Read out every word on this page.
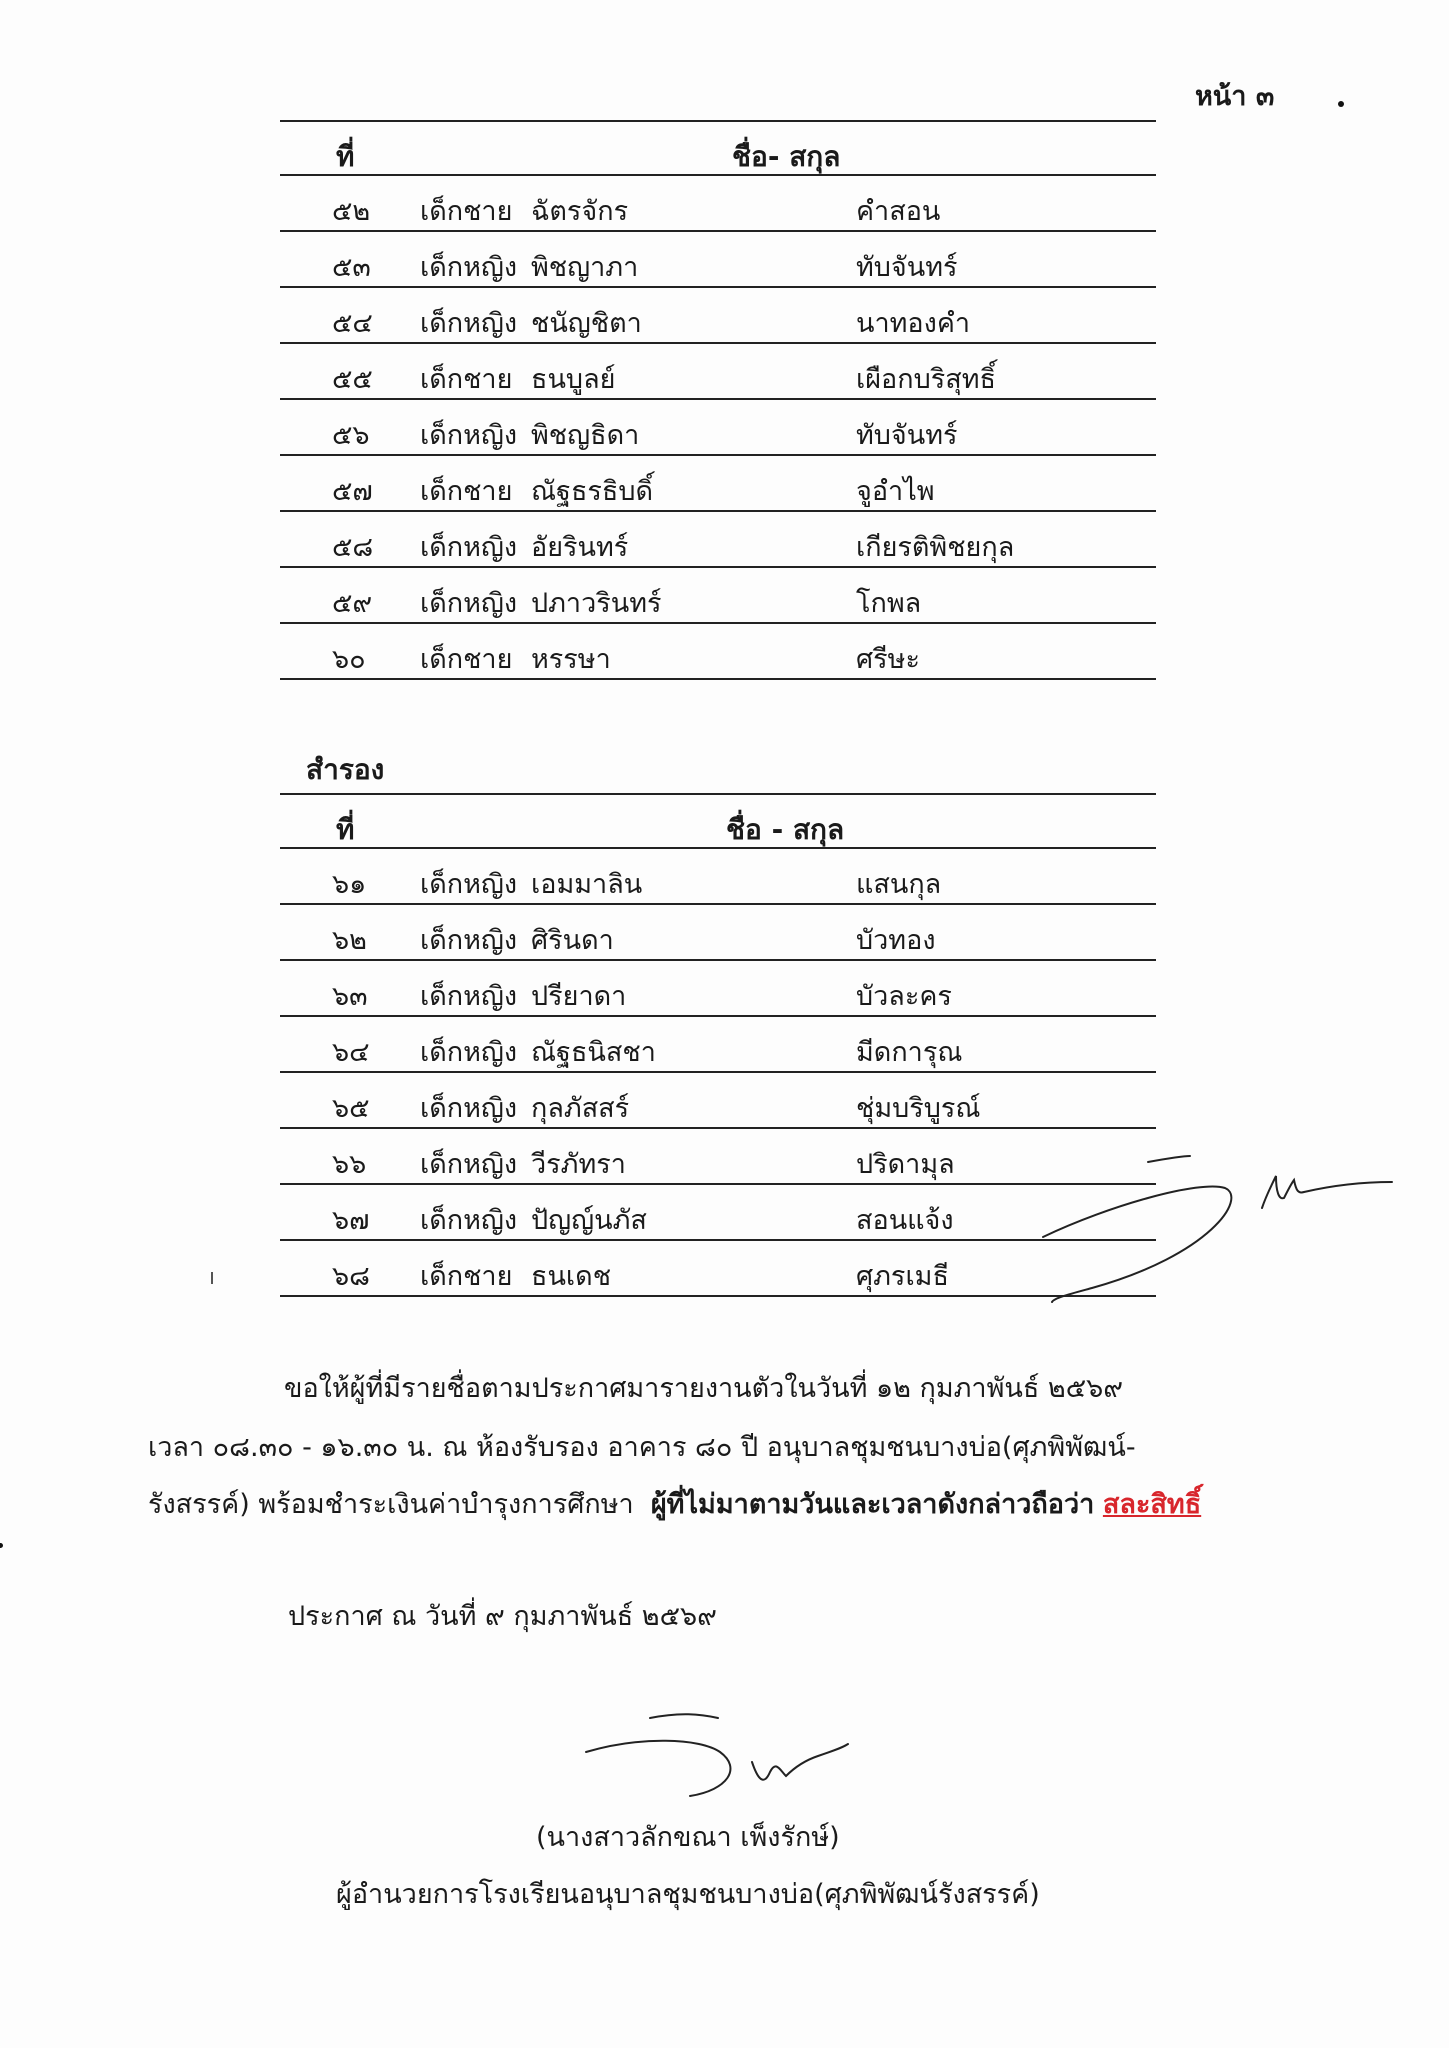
หน้า ๓
ที่	ชื่อ- สกุล
๕๒ เด็กชาย ฉัตรจักร	คำสอน
๕๓ เด็กหญิง พิชญาภา	ทับจันทร์
๕๔ เด็กหญิง ชนัญชิตา	นาทองคำ
๕๕ เด็กชาย ธนบูลย์	เผือกบริสุทธิ์
๕๖ เด็กหญิง พิชญธิดา	ทับจันทร์
๕๗ เด็กชาย ณัฐธรธิบดิ์	จูอำไพ
๕๘ เด็กหญิง อัยรินทร์	เกียรติพิชยกุล
๕๙ เด็กหญิง ปภาวรินทร์	โกพล
๖๐ เด็กชาย หรรษา	ศรีษะ
สำรอง
ที่	ชื่อ - สกุล
๖๑ เด็กหญิง เอมมาลิน	แสนกุล
๖๒ เด็กหญิง ศิรินดา	บัวทอง
๖๓ เด็กหญิง ปรียาดา	บัวละคร
๖๔ เด็กหญิง ณัฐธนิสชา	มีดการุณ
๖๕ เด็กหญิง กุลภัสสร์	ชุ่มบริบูรณ์
๖๖ เด็กหญิง วีรภัทรา	ปริดามุล
๖๗ เด็กหญิง ปัญญ์นภัส	สอนแจ้ง
๖๘ เด็กชาย ธนเดช	ศุภรเมธี
ขอให้ผู้ที่มีรายชื่อตามประกาศมารายงานตัวในวันที่ ๑๒ กุมภาพันธ์ ๒๕๖๙
เวลา ๐๘.๓๐ - ๑๖.๓๐ น. ณ ห้องรับรอง อาคาร ๘๐ ปี อนุบาลชุมชนบางบ่อ(ศุภพิพัฒน์-
รังสรรค์) พร้อมชำระเงินค่าบำรุงการศึกษา ผู้ที่ไม่มาตามวันและเวลาดังกล่าวถือว่า สละสิทธิ์
ประกาศ ณ วันที่ ๙ กุมภาพันธ์ ๒๕๖๙
(นางสาวลักขณา เพ็งรักษ์)
ผู้อำนวยการโรงเรียนอนุบาลชุมชนบางบ่อ(ศุภพิพัฒน์รังสรรค์)
